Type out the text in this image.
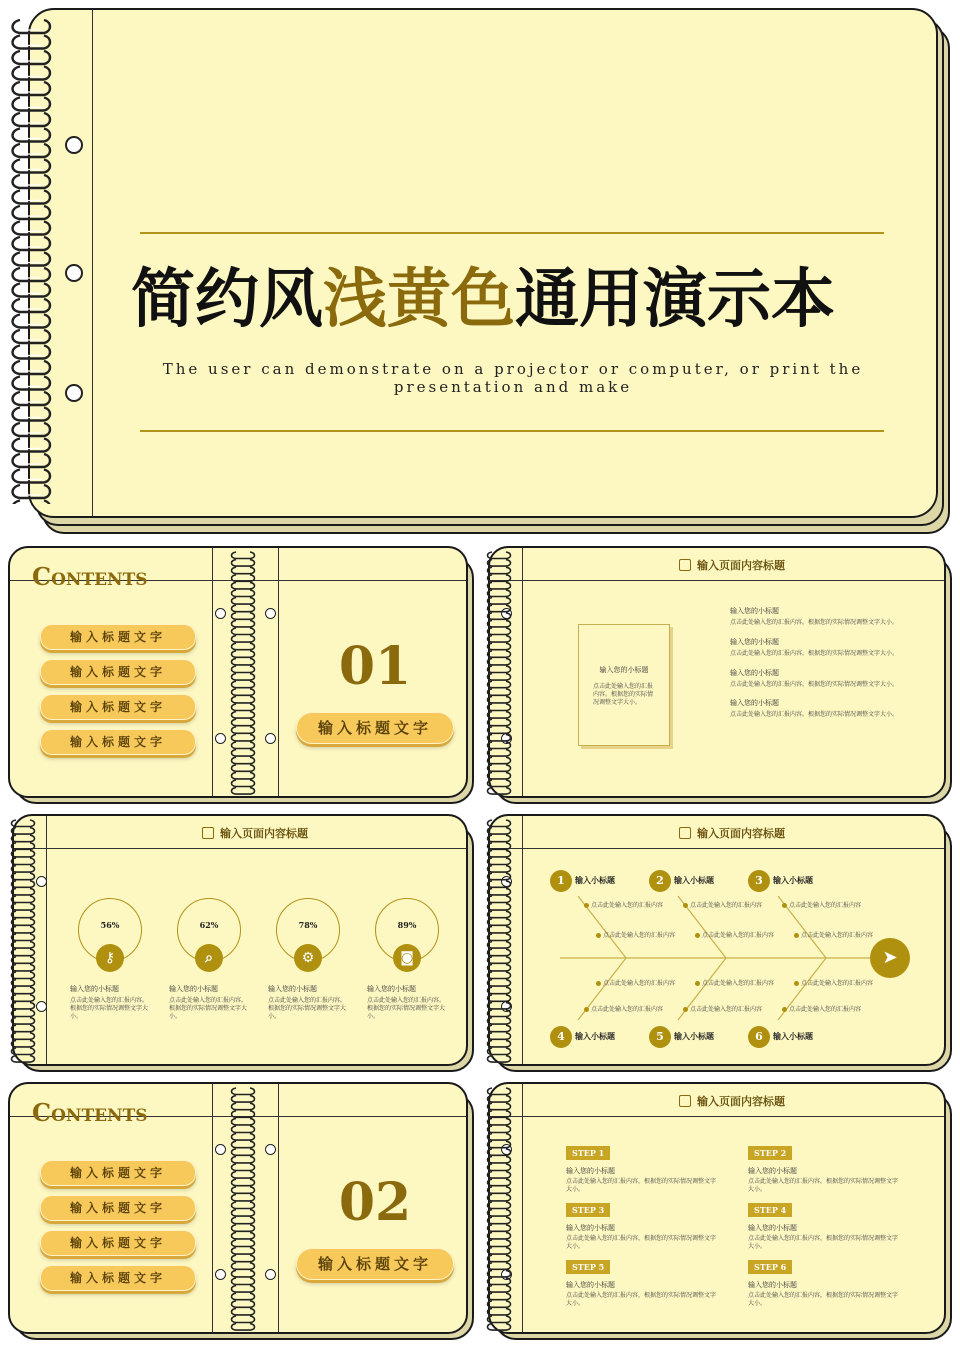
简约风浅黄色通用演示本
The user can demonstrate on a projector or computer, or print the presentation and make
Contents
输入标题文字
输入标题文字
输入标题文字
输入标题文字
01
输入标题文字
输入页面内容标题
输入您的小标题
点击此处输入您的汇报内容。根据您的实际情况调整文字大小。
输入您的小标题
点击此处输入您的汇报内容。根据您的实际情况调整文字大小。
输入您的小标题
点击此处输入您的汇报内容。根据您的实际情况调整文字大小。
输入您的小标题
点击此处输入您的汇报内容。根据您的实际情况调整文字大小。
输入您的小标题
点击此处输入您的汇报内容。根据您的实际情况调整文字大小。
输入页面内容标题
56%
⚷
输入您的小标题
点击此处输入您的汇报内容。根据您的实际情况调整文字大小。
62%
⌕
输入您的小标题
点击此处输入您的汇报内容。根据您的实际情况调整文字大小。
78%
⚙
输入您的小标题
点击此处输入您的汇报内容。根据您的实际情况调整文字大小。
89%
◙
输入您的小标题
点击此处输入您的汇报内容。根据您的实际情况调整文字大小。
输入页面内容标题
1	输入小标题	2	输入小标题	3	输入小标题
4	输入小标题	5	输入小标题	6	输入小标题
点击此处输入您的汇报内容
点击此处输入您的汇报内容
点击此处输入您的汇报内容
点击此处输入您的汇报内容
点击此处输入您的汇报内容
点击此处输入您的汇报内容
点击此处输入您的汇报内容
点击此处输入您的汇报内容
点击此处输入您的汇报内容
点击此处输入您的汇报内容
点击此处输入您的汇报内容
点击此处输入您的汇报内容
➤
Contents
输入标题文字
输入标题文字
输入标题文字
输入标题文字
02
输入标题文字
输入页面内容标题
STEP 1
输入您的小标题
点击此处输入您的汇报内容，根据您的实际情况调整文字大小。
STEP 2
输入您的小标题
点击此处输入您的汇报内容，根据您的实际情况调整文字大小。
STEP 3
输入您的小标题
点击此处输入您的汇报内容，根据您的实际情况调整文字大小。
STEP 4
输入您的小标题
点击此处输入您的汇报内容，根据您的实际情况调整文字大小。
STEP 5
输入您的小标题
点击此处输入您的汇报内容，根据您的实际情况调整文字大小。
STEP 6
输入您的小标题
点击此处输入您的汇报内容，根据您的实际情况调整文字大小。
